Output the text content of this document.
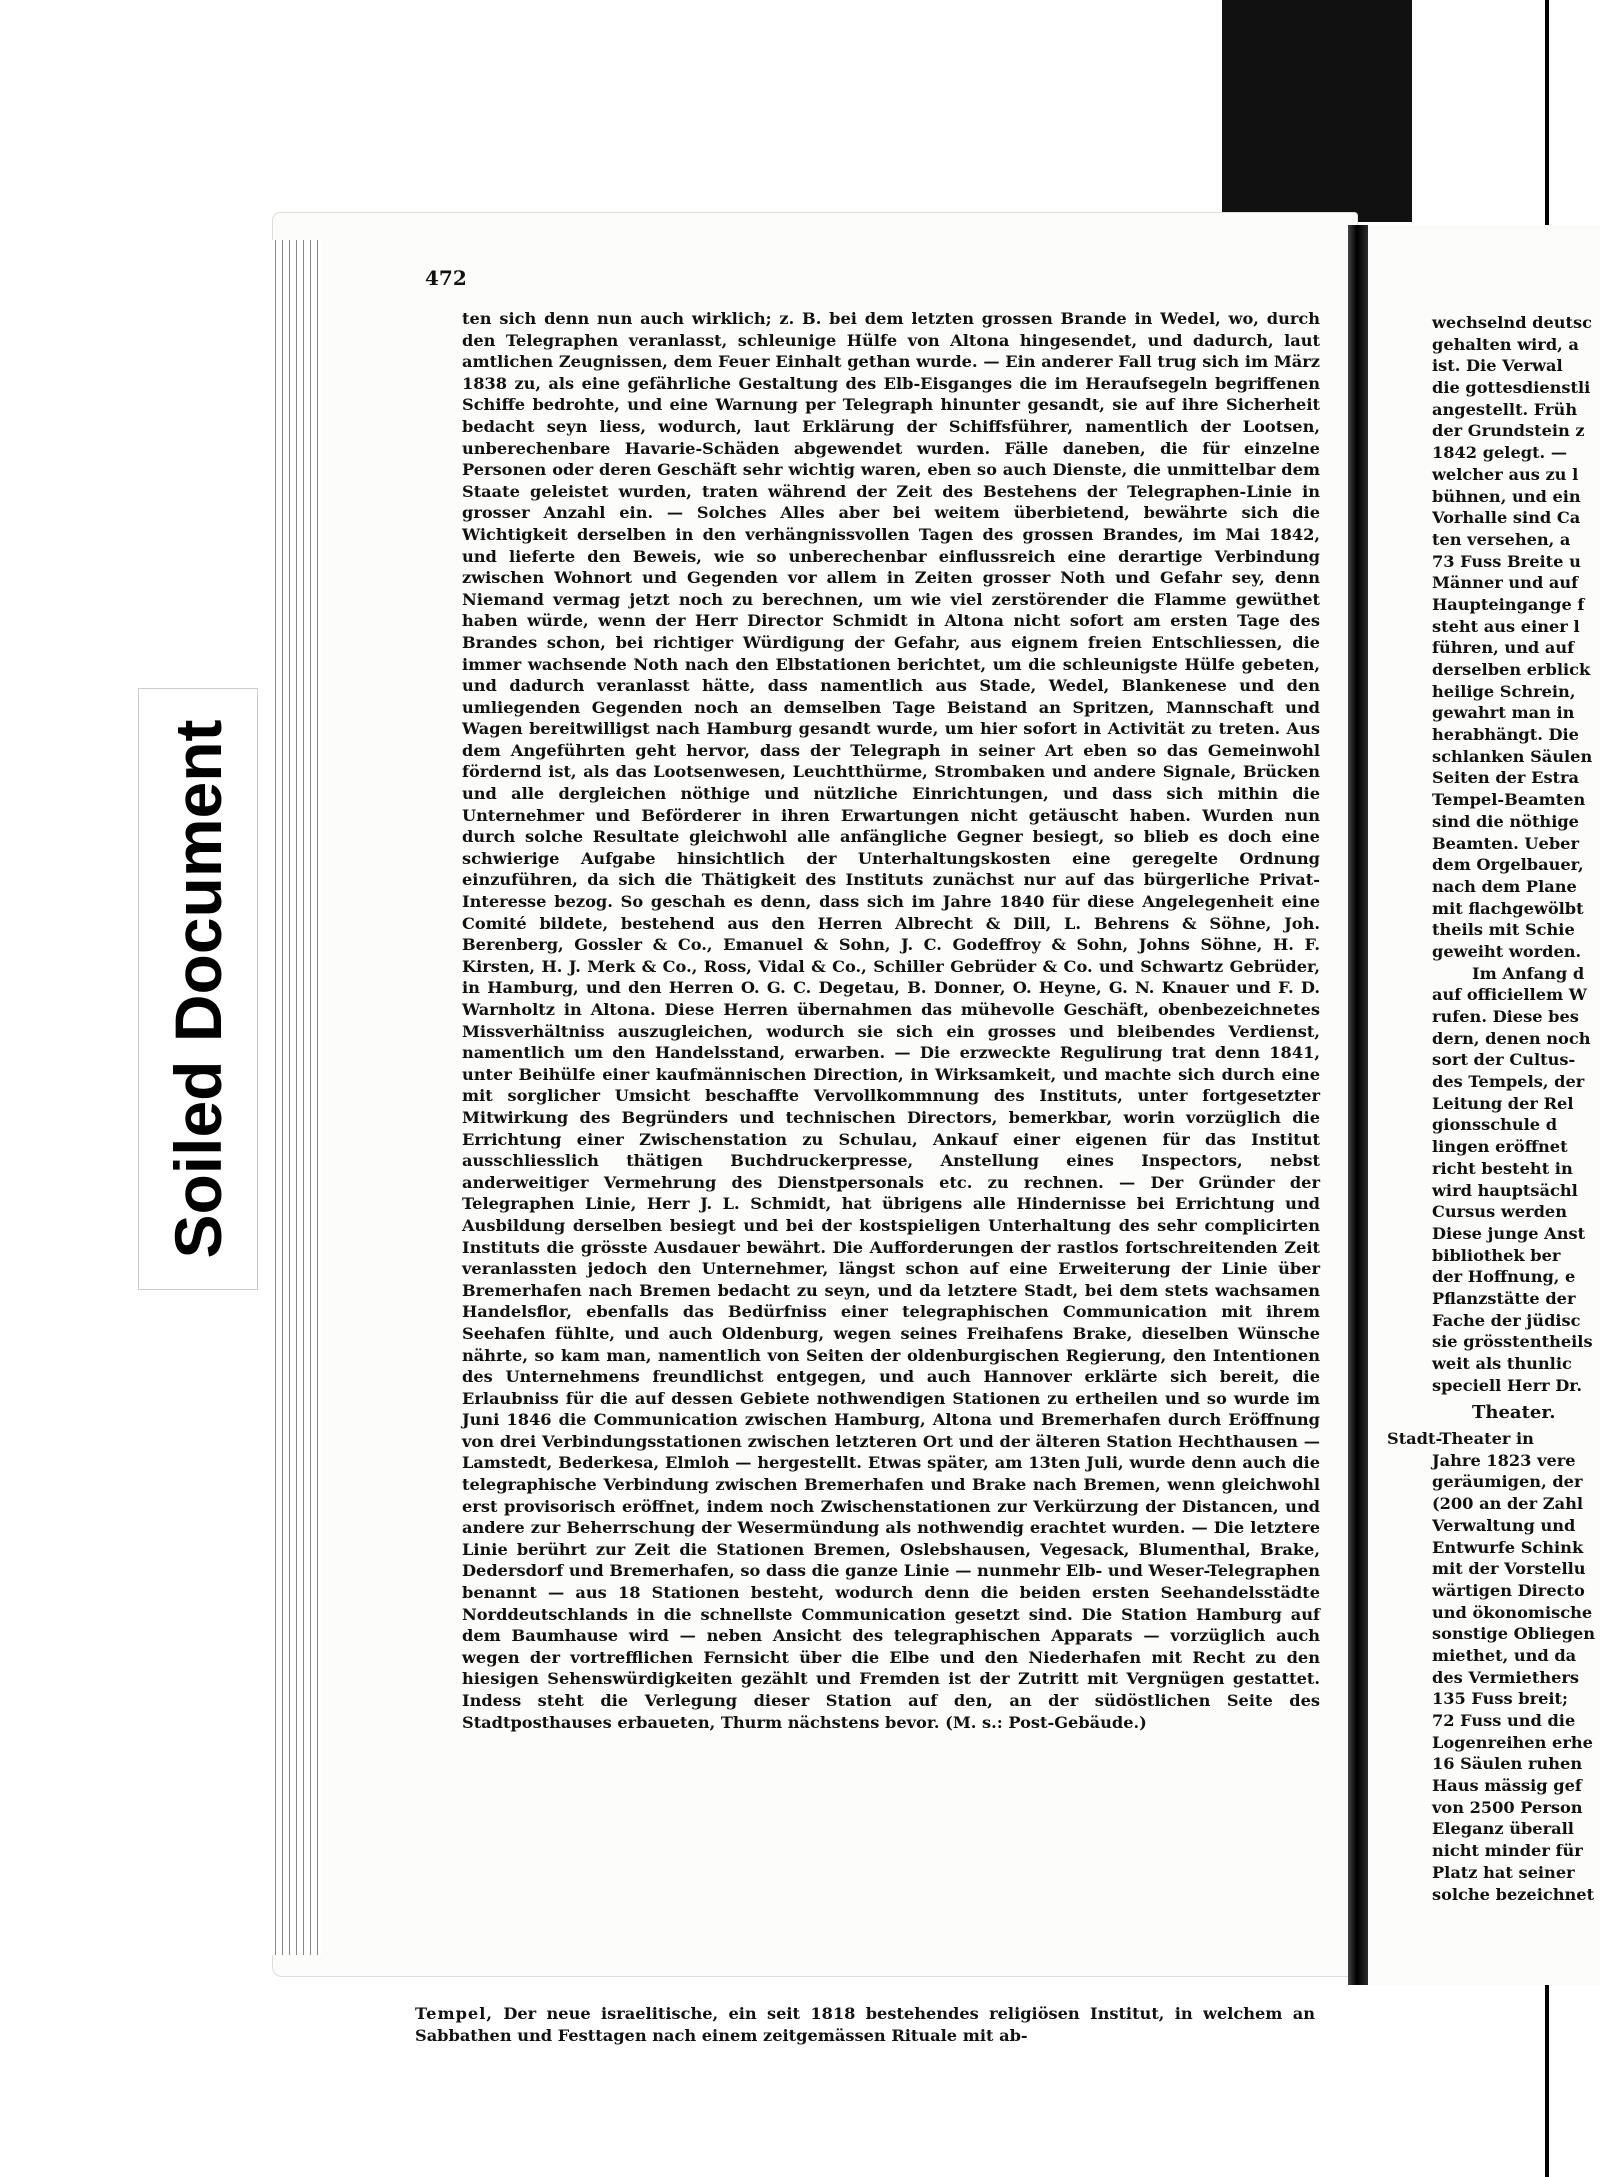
Soiled Document
472

ten sich denn nun auch wirklich; z. B. bei dem letzten grossen Brande in Wedel, wo, durch den Telegraphen veranlasst, schleunige Hülfe von Altona hingesendet, und dadurch, laut amtlichen Zeugnissen, dem Feuer Einhalt gethan wurde. — Ein anderer Fall trug sich im März 1838 zu, als eine gefährliche Gestaltung des Elb-Eisganges die im Heraufsegeln begriffenen Schiffe bedrohte, und eine Warnung per Telegraph hinunter gesandt, sie auf ihre Sicherheit bedacht seyn liess, wodurch, laut Erklärung der Schiffsführer, namentlich der Lootsen, unberechenbare Havarie-Schäden abgewendet wurden. Fälle daneben, die für einzelne Personen oder deren Geschäft sehr wichtig waren, eben so auch Dienste, die unmittelbar dem Staate geleistet wurden, traten während der Zeit des Bestehens der Telegraphen-Linie in grosser Anzahl ein. — Solches Alles aber bei weitem überbietend, bewährte sich die Wichtigkeit derselben in den verhängnissvollen Tagen des grossen Brandes, im Mai 1842, und lieferte den Beweis, wie so unberechenbar einflussreich eine derartige Verbindung zwischen Wohnort und Gegenden vor allem in Zeiten grosser Noth und Gefahr sey, denn Niemand vermag jetzt noch zu berechnen, um wie viel zerstörender die Flamme gewüthet haben würde, wenn der Herr Director Schmidt in Altona nicht sofort am ersten Tage des Brandes schon, bei richtiger Würdigung der Gefahr, aus eignem freien Entschliessen, die immer wachsende Noth nach den Elbstationen berichtet, um die schleunigste Hülfe gebeten, und dadurch veranlasst hätte, dass namentlich aus Stade, Wedel, Blankenese und den umliegenden Gegenden noch an demselben Tage Beistand an Spritzen, Mannschaft und Wagen bereitwilligst nach Hamburg gesandt wurde, um hier sofort in Activität zu treten. Aus dem Angeführten geht hervor, dass der Telegraph in seiner Art eben so das Gemeinwohl fördernd ist, als das Lootsenwesen, Leuchtthürme, Strombaken und andere Signale, Brücken und alle dergleichen nöthige und nützliche Einrichtungen, und dass sich mithin die Unternehmer und Beförderer in ihren Erwartungen nicht getäuscht haben. Wurden nun durch solche Resultate gleichwohl alle anfängliche Gegner besiegt, so blieb es doch eine schwierige Aufgabe hinsichtlich der Unterhaltungskosten eine geregelte Ordnung einzuführen, da sich die Thätigkeit des Instituts zunächst nur auf das bürgerliche Privat-Interesse bezog. So geschah es denn, dass sich im Jahre 1840 für diese Angelegenheit eine Comité bildete, bestehend aus den Herren Albrecht & Dill, L. Behrens & Söhne, Joh. Berenberg, Gossler & Co., Emanuel & Sohn, J. C. Godeffroy & Sohn, Johns Söhne, H. F. Kirsten, H. J. Merk & Co., Ross, Vidal & Co., Schiller Gebrüder & Co. und Schwartz Gebrüder, in Hamburg, und den Herren O. G. C. Degetau, B. Donner, O. Heyne, G. N. Knauer und F. D. Warnholtz in Altona. Diese Herren übernahmen das mühevolle Geschäft, obenbezeichnetes Missverhältniss auszugleichen, wodurch sie sich ein grosses und bleibendes Verdienst, namentlich um den Handelsstand, erwarben. — Die erzweckte Regulirung trat denn 1841, unter Beihülfe einer kaufmännischen Direction, in Wirksamkeit, und machte sich durch eine mit sorglicher Umsicht beschaffte Vervollkommnung des Instituts, unter fortgesetzter Mitwirkung des Begründers und technischen Directors, bemerkbar, worin vorzüglich die Errichtung einer Zwischenstation zu Schulau, Ankauf einer eigenen für das Institut ausschliesslich thätigen Buchdruckerpresse, Anstellung eines Inspectors, nebst anderweitiger Vermehrung des Dienstpersonals etc. zu rechnen. — Der Gründer der Telegraphen Linie, Herr J. L. Schmidt, hat übrigens alle Hindernisse bei Errichtung und Ausbildung derselben besiegt und bei der kostspieligen Unterhaltung des sehr complicirten Instituts die grösste Ausdauer bewährt. Die Aufforderungen der rastlos fortschreitenden Zeit veranlassten jedoch den Unternehmer, längst schon auf eine Erweiterung der Linie über Bremerhafen nach Bremen bedacht zu seyn, und da letztere Stadt, bei dem stets wachsamen Handelsflor, ebenfalls das Bedürfniss einer telegraphischen Communication mit ihrem Seehafen fühlte, und auch Oldenburg, wegen seines Freihafens Brake, dieselben Wünsche nährte, so kam man, namentlich von Seiten der oldenburgischen Regierung, den Intentionen des Unternehmens freundlichst entgegen, und auch Hannover erklärte sich bereit, die Erlaubniss für die auf dessen Gebiete nothwendigen Stationen zu ertheilen und so wurde im Juni 1846 die Communication zwischen Hamburg, Altona und Bremerhafen durch Eröffnung von drei Verbindungsstationen zwischen letzteren Ort und der älteren Station Hechthausen — Lamstedt, Bederkesa, Elmloh — hergestellt. Etwas später, am 13ten Juli, wurde denn auch die telegraphische Verbindung zwischen Bremerhafen und Brake nach Bremen, wenn gleichwohl erst provisorisch eröffnet, indem noch Zwischenstationen zur Verkürzung der Distancen, und andere zur Beherrschung der Wesermündung als nothwendig erachtet wurden. — Die letztere Linie berührt zur Zeit die Stationen Bremen, Oslebshausen, Vegesack, Blumenthal, Brake, Dedersdorf und Bremerhafen, so dass die ganze Linie — nunmehr Elb- und Weser-Telegraphen benannt — aus 18 Stationen besteht, wodurch denn die beiden ersten Seehandelsstädte Norddeutschlands in die schnellste Communication gesetzt sind. Die Station Hamburg auf dem Baumhause wird — neben Ansicht des telegraphischen Apparats — vorzüglich auch wegen der vortrefflichen Fernsicht über die Elbe und den Niederhafen mit Recht zu den hiesigen Sehenswürdigkeiten gezählt und Fremden ist der Zutritt mit Vergnügen gestattet. Indess steht die Verlegung dieser Station auf den, an der südöstlichen Seite des Stadtposthauses erbaueten, Thurm nächstens bevor. (M. s.: Post-Gebäude.)

Tempel, Der neue israelitische, ein seit 1818 bestehendes religiösen Institut, in welchem an Sabbathen und Festtagen nach einem zeitgemässen Rituale mit ab-
wechselnd deutsc
gehalten wird, a
ist. Die Verwal
die gottesdienstli
angestellt. Früh
der Grundstein z
1842 gelegt. —
welcher aus zu l
bühnen, und ein
Vorhalle sind Ca
ten versehen, a
73 Fuss Breite u
Männer und auf
Haupteingange f
steht aus einer l
führen, und auf
derselben erblick
heilige Schrein,
gewahrt man in
herabhängt. Die
schlanken Säulen
Seiten der Estra
Tempel-Beamten
sind die nöthige
Beamten. Ueber
dem Orgelbauer,
nach dem Plane
mit flachgewölbt
theils mit Schie
geweiht worden.
Im Anfang d
auf officiellem W
rufen. Diese bes
dern, denen noch
sort der Cultus-
des Tempels, der
Leitung der Rel
gionsschule d
lingen eröffnet
richt besteht in
wird hauptsächl
Cursus werden
Diese junge Anst
bibliothek ber
der Hoffnung, e
Pflanzstätte der
Fache der jüdisc
sie grösstentheils
weit als thunlic
speciell Herr Dr.
Theater.
Stadt-Theater in
Jahre 1823 vere
geräumigen, der
(200 an der Zahl
Verwaltung und
Entwurfe Schink
mit der Vorstellu
wärtigen Directo
und ökonomische
sonstige Obliegen
miethet, und da
des Vermiethers
135 Fuss breit;
72 Fuss und die
Logenreihen erhe
16 Säulen ruhen
Haus mässig gef
von 2500 Person
Eleganz überall
nicht minder für
Platz hat seiner
solche bezeichnet
